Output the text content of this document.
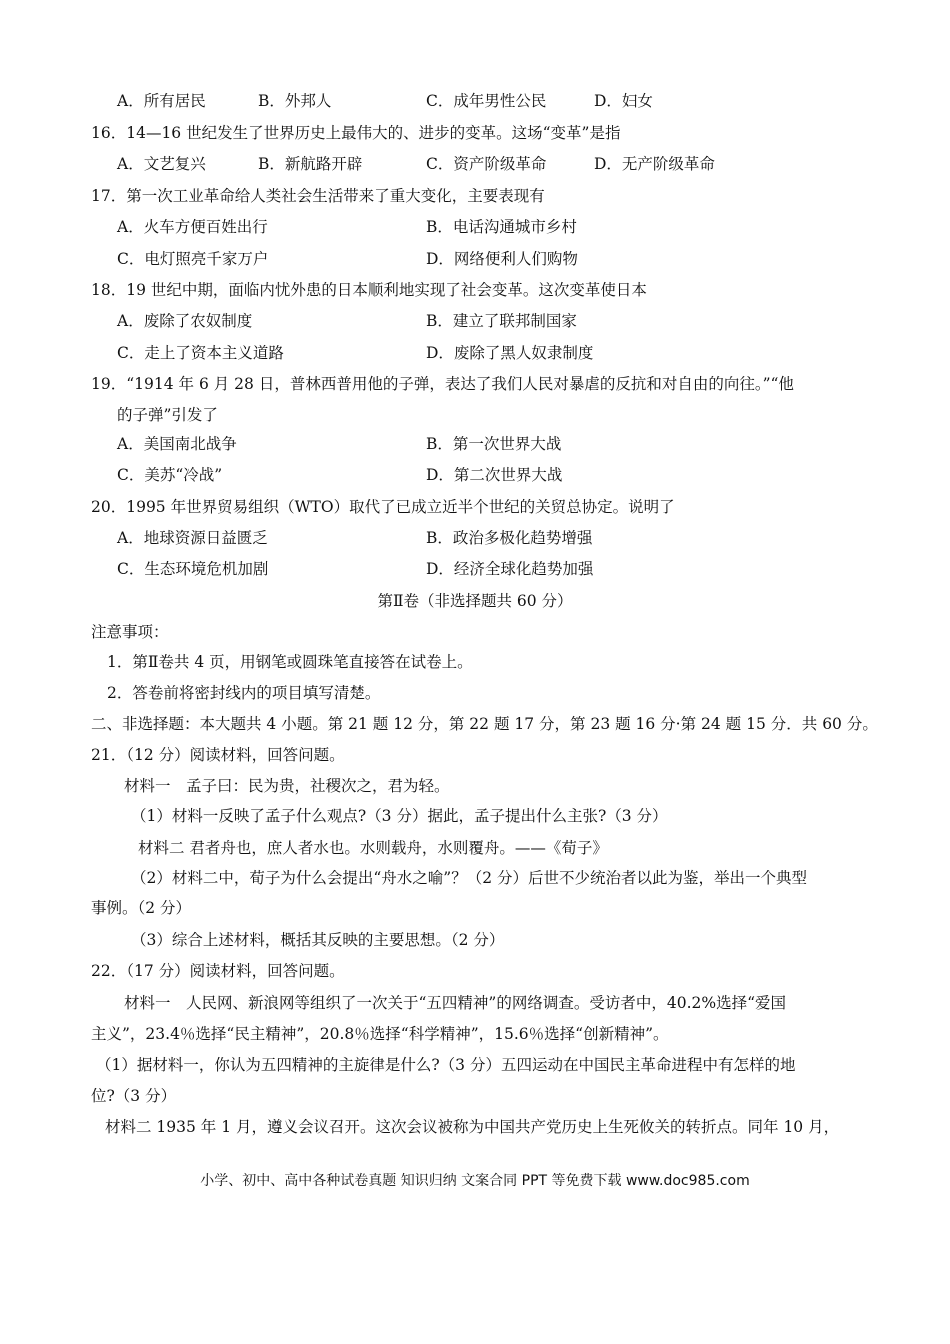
A．所有居民	B．外邦人	C．成年男性公民	D．妇女
16．14—16 世纪发生了世界历史上最伟大的、进步的变革。这场“变革”是指
A．文艺复兴	B．新航路开辟	C．资产阶级革命	D．无产阶级革命
17．第一次工业革命给人类社会生活带来了重大变化，主要表现有
A．火车方便百姓出行	B．电话沟通城市乡村
C．电灯照亮千家万户	D．网络便利人们购物
18．19 世纪中期，面临内忧外患的日本顺利地实现了社会变革。这次变革使日本
A．废除了农奴制度	B．建立了联邦制国家
C．走上了资本主义道路	D．废除了黑人奴隶制度
19．“1914 年 6 月 28 日，普林西普用他的子弹，表达了我们人民对暴虐的反抗和对自由的向往。”“他
的子弹”引发了
A．美国南北战争	B．第一次世界大战
C．美苏“冷战”	D．第二次世界大战
20．1995 年世界贸易组织（WTO）取代了已成立近半个世纪的关贸总协定。说明了
A．地球资源日益匮乏	B．政治多极化趋势增强
C．生态环境危机加剧	D．经济全球化趋势加强
第Ⅱ卷（非选择题共 60 分）
注意事项：
1．第Ⅱ卷共 4 页，用钢笔或圆珠笔直接答在试卷上。
2．答卷前将密封线内的项目填写清楚。
二、非选择题：本大题共 4 小题。第 21 题 12 分，第 22 题 17 分，第 23 题 16 分·第 24 题 15 分．共 60 分。
21．（12 分）阅读材料，回答问题。
材料一　孟子曰：民为贵，社稷次之，君为轻。
（1）材料一反映了孟子什么观点?（3 分）据此，孟子提出什么主张?（3 分）
材料二 君者舟也，庶人者水也。水则载舟，水则覆舟。——《荀子》
（2）材料二中，荀子为什么会提出“舟水之喻”？（2 分）后世不少统治者以此为鉴，举出一个典型
事例。（2 分）
（3）综合上述材料，概括其反映的主要思想。（2 分）
22．（17 分）阅读材料，回答问题。
材料一　人民网、新浪网等组织了一次关于“五四精神”的网络调查。受访者中，40.2%选择“爱国
主义”，23.4％选择“民主精神”，20.8％选择“科学精神”，15.6％选择“创新精神”。
（1）据材料一，你认为五四精神的主旋律是什么?（3 分）五四运动在中国民主革命进程中有怎样的地
位?（3 分）
材料二 1935 年 1 月，遵义会议召开。这次会议被称为中国共产党历史上生死攸关的转折点。同年 10 月，
小学、初中、高中各种试卷真题 知识归纳 文案合同 PPT 等免费下载 www.doc985.com
